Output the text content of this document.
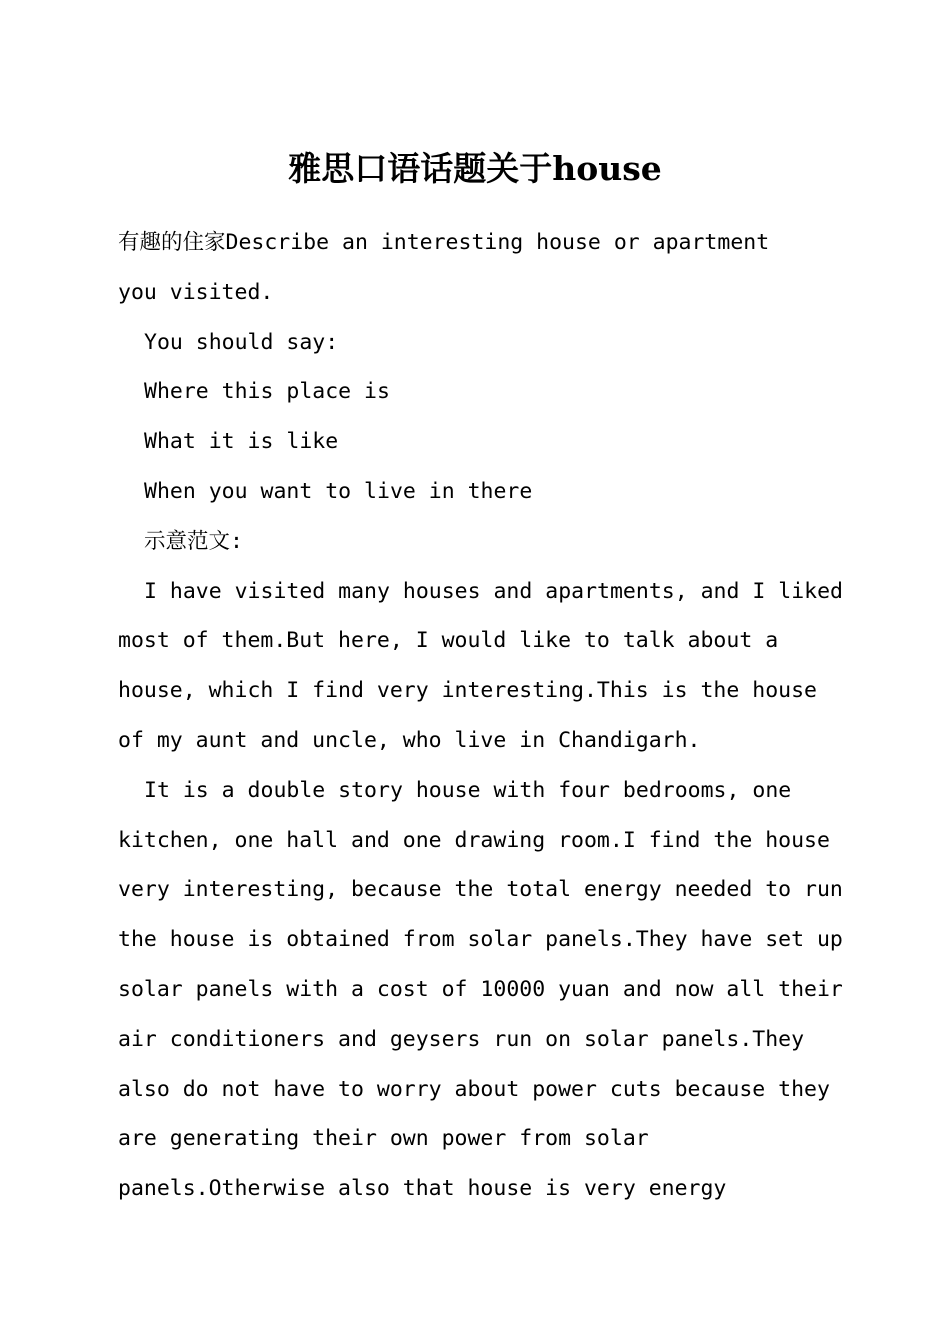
雅思口语话题关于house
有趣的住家Describe an interesting house or apartment
you visited.
You should say:
Where this place is
What it is like
When you want to live in there
示意范文:
I have visited many houses and apartments, and I liked
most of them.But here, I would like to talk about a
house, which I find very interesting.This is the house
of my aunt and uncle, who live in Chandigarh.
It is a double story house with four bedrooms, one
kitchen, one hall and one drawing room.I find the house
very interesting, because the total energy needed to run
the house is obtained from solar panels.They have set up
solar panels with a cost of 10000 yuan and now all their
air conditioners and geysers run on solar panels.They
also do not have to worry about power cuts because they
are generating their own power from solar
panels.Otherwise also that house is very energy
